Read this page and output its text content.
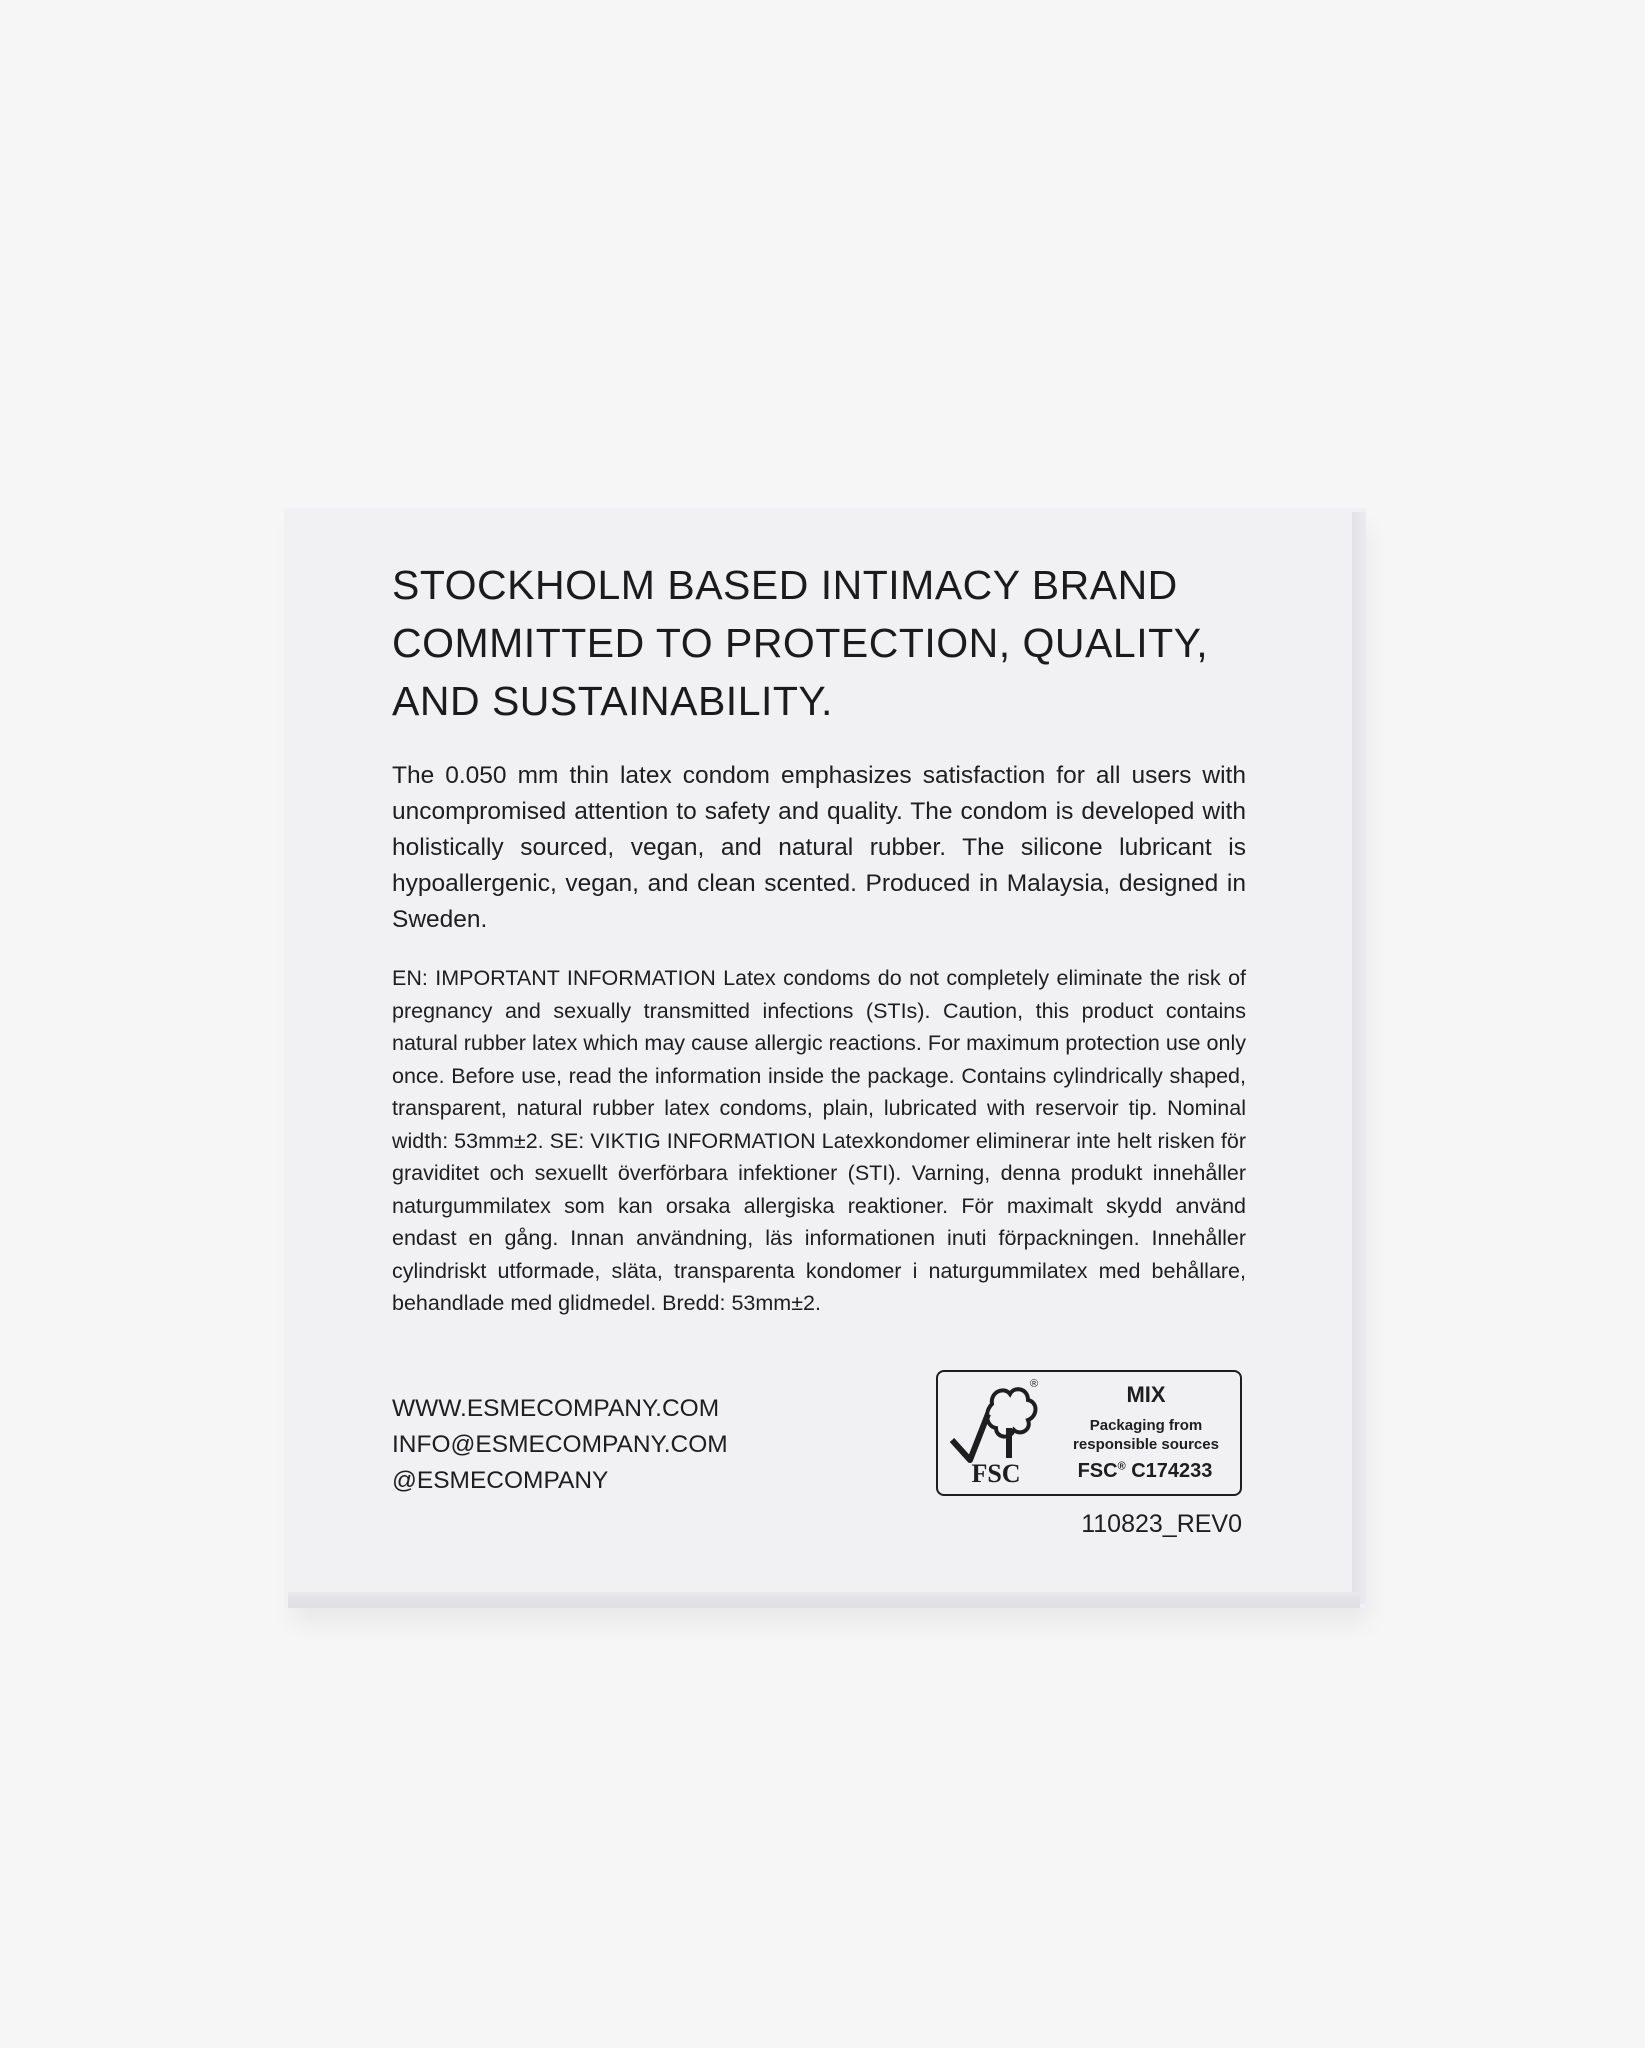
STOCKHOLM BASED INTIMACY BRAND COMMITTED TO PROTECTION, QUALITY, AND SUSTAINABILITY.

The 0.050 mm thin latex condom emphasizes satisfaction for all users with uncompromised attention to safety and quality. The condom is developed with holistically sourced, vegan, and natural rubber. The silicone lubricant is hypoallergenic, vegan, and clean scented. Produced in Malaysia, designed in Sweden.

EN: IMPORTANT INFORMATION Latex condoms do not completely eliminate the risk of pregnancy and sexually transmitted infections (STIs). Caution, this product contains natural rubber latex which may cause allergic reactions. For maximum protection use only once. Before use, read the information inside the package. Contains cylindrically shaped, transparent, natural rubber latex condoms, plain, lubricated with reservoir tip. Nominal width: 53mm±2. SE: VIKTIG INFORMATION Latexkondomer eliminerar inte helt risken för graviditet och sexuellt överförbara infektioner (STI). Varning, denna produkt innehåller naturgummilatex som kan orsaka allergiska reaktioner. För maximalt skydd använd endast en gång. Innan användning, läs informationen inuti förpackningen. Innehåller cylindriskt utformade, släta, transparenta kondomer i naturgummilatex med behållare, behandlade med glidmedel. Bredd: 53mm±2.
WWW.ESMECOMPANY.COM
INFO@ESMECOMPANY.COM
@ESMECOMPANY	FSC
®	MIX
Packaging from
responsible sources
FSC® C174233
110823_REV0
